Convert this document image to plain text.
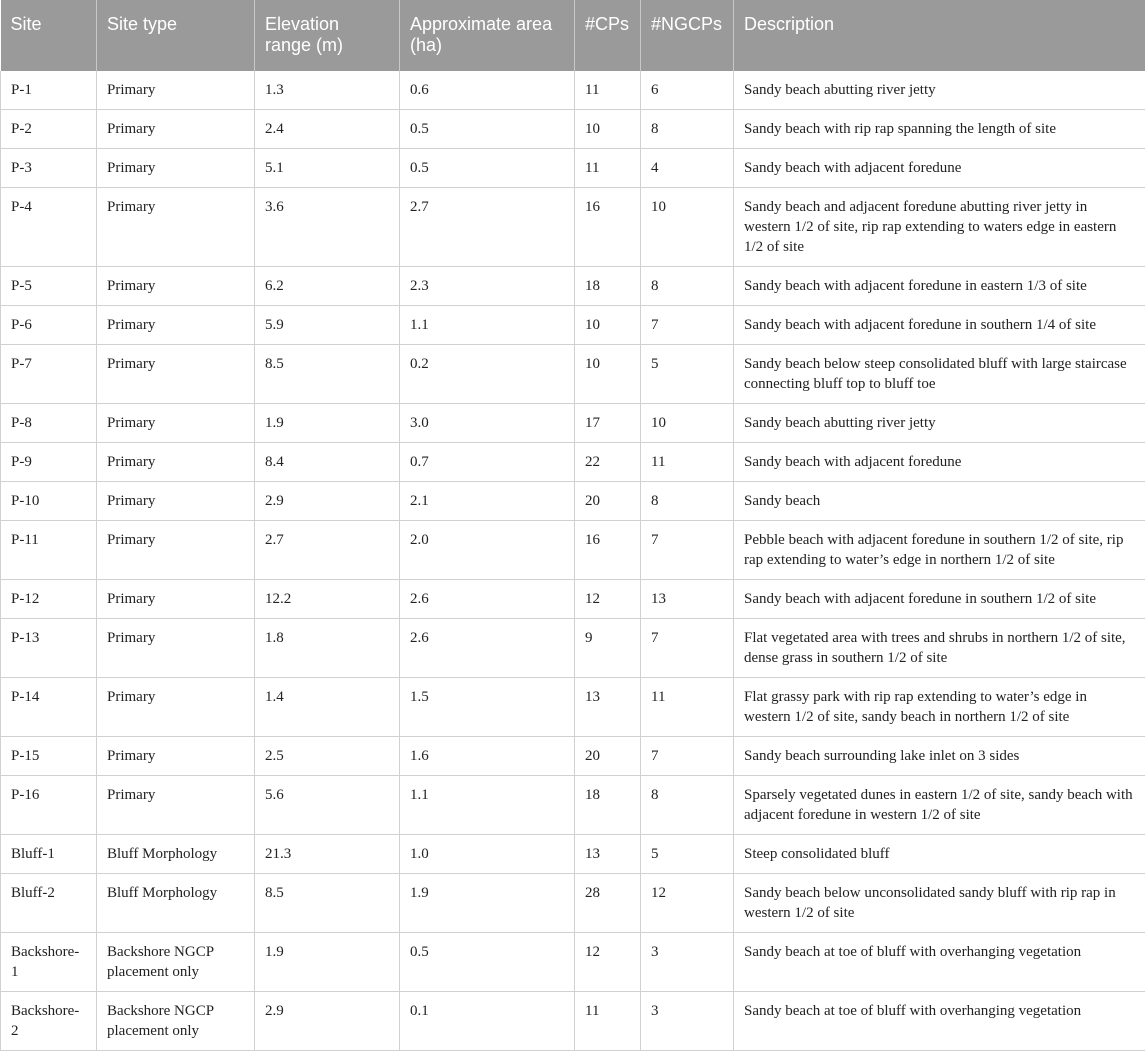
Site	Site type	Elevation range (m)	Approximate area (ha)	#CPs	#NGCPs	Description
P-1	Primary	1.3	0.6	11	6	Sandy beach abutting river jetty
P-2	Primary	2.4	0.5	10	8	Sandy beach with rip rap spanning the length of site
P-3	Primary	5.1	0.5	11	4	Sandy beach with adjacent foredune
P-4	Primary	3.6	2.7	16	10	Sandy beach and adjacent foredune abutting river jetty in western 1/2 of site, rip rap extending to waters edge in eastern 1/2 of site
P-5	Primary	6.2	2.3	18	8	Sandy beach with adjacent foredune in eastern 1/3 of site
P-6	Primary	5.9	1.1	10	7	Sandy beach with adjacent foredune in southern 1/4 of site
P-7	Primary	8.5	0.2	10	5	Sandy beach below steep consolidated bluff with large staircase connecting bluff top to bluff toe
P-8	Primary	1.9	3.0	17	10	Sandy beach abutting river jetty
P-9	Primary	8.4	0.7	22	11	Sandy beach with adjacent foredune
P-10	Primary	2.9	2.1	20	8	Sandy beach
P-11	Primary	2.7	2.0	16	7	Pebble beach with adjacent foredune in southern 1/2 of site, rip rap extending to water’s edge in northern 1/2 of site
P-12	Primary	12.2	2.6	12	13	Sandy beach with adjacent foredune in southern 1/2 of site
P-13	Primary	1.8	2.6	9	7	Flat vegetated area with trees and shrubs in northern 1/2 of site, dense grass in southern 1/2 of site
P-14	Primary	1.4	1.5	13	11	Flat grassy park with rip rap extending to water’s edge in western 1/2 of site, sandy beach in northern 1/2 of site
P-15	Primary	2.5	1.6	20	7	Sandy beach surrounding lake inlet on 3 sides
P-16	Primary	5.6	1.1	18	8	Sparsely vegetated dunes in eastern 1/2 of site, sandy beach with adjacent foredune in western 1/2 of site
Bluff-1	Bluff Morphology	21.3	1.0	13	5	Steep consolidated bluff
Bluff-2	Bluff Morphology	8.5	1.9	28	12	Sandy beach below unconsolidated sandy bluff with rip rap in western 1/2 of site
Backshore-1	Backshore NGCP placement only	1.9	0.5	12	3	Sandy beach at toe of bluff with overhanging vegetation
Backshore-2	Backshore NGCP placement only	2.9	0.1	11	3	Sandy beach at toe of bluff with overhanging vegetation
